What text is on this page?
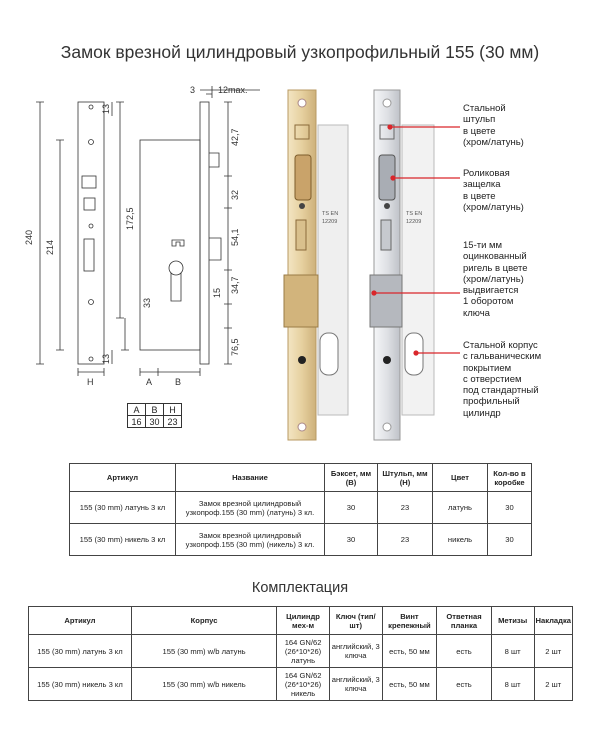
Замок врезной цилиндровый узкопрофильный 155 (30 мм)
3	12max.
240
214
172,5
13
13
33
42,7
32
54,1
34,7
15
76,5
H	A	B
A	B	H
16	30	23
TS EN
12209
TS EN
12209
Стальной
штульп
в цвете
(хром/латунь)
Роликовая
защелка
в цвете
(хром/латунь)
15-ти мм
оцинкованный
ригель в цвете
(хром/латунь)
выдвигается
1 оборотом
ключа
Стальной корпус
с гальваническим
покрытием
с отверстием
под стандартный
профильный
цилиндр
Артикул	Название	Бэксет, мм (B)	Штульп, мм (H)	Цвет	Кол-во в коробке
155 (30 mm) латунь 3 кл	Замок врезной цилиндровый узкопроф.155 (30 mm) (латунь) 3 кл.	30	23	латунь	30
155 (30 mm) никель 3 кл	Замок врезной цилиндровый узкопроф.155 (30 mm) (никель) 3 кл.	30	23	никель	30
Комплектация
Артикул	Корпус	Цилиндр мех-м	Ключ (тип/шт)	Винт крепежный	Ответная планка	Метизы	Накладка
155 (30 mm) латунь 3 кл	155 (30 mm) w/b латунь	164 GN/62 (26*10*26) латунь	английский, 3 ключа	есть, 50 мм	есть	8 шт	2 шт
155 (30 mm) никель 3 кл	155 (30 mm) w/b никель	164 GN/62 (26*10*26) никель	английский, 3 ключа	есть, 50 мм	есть	8 шт	2 шт
